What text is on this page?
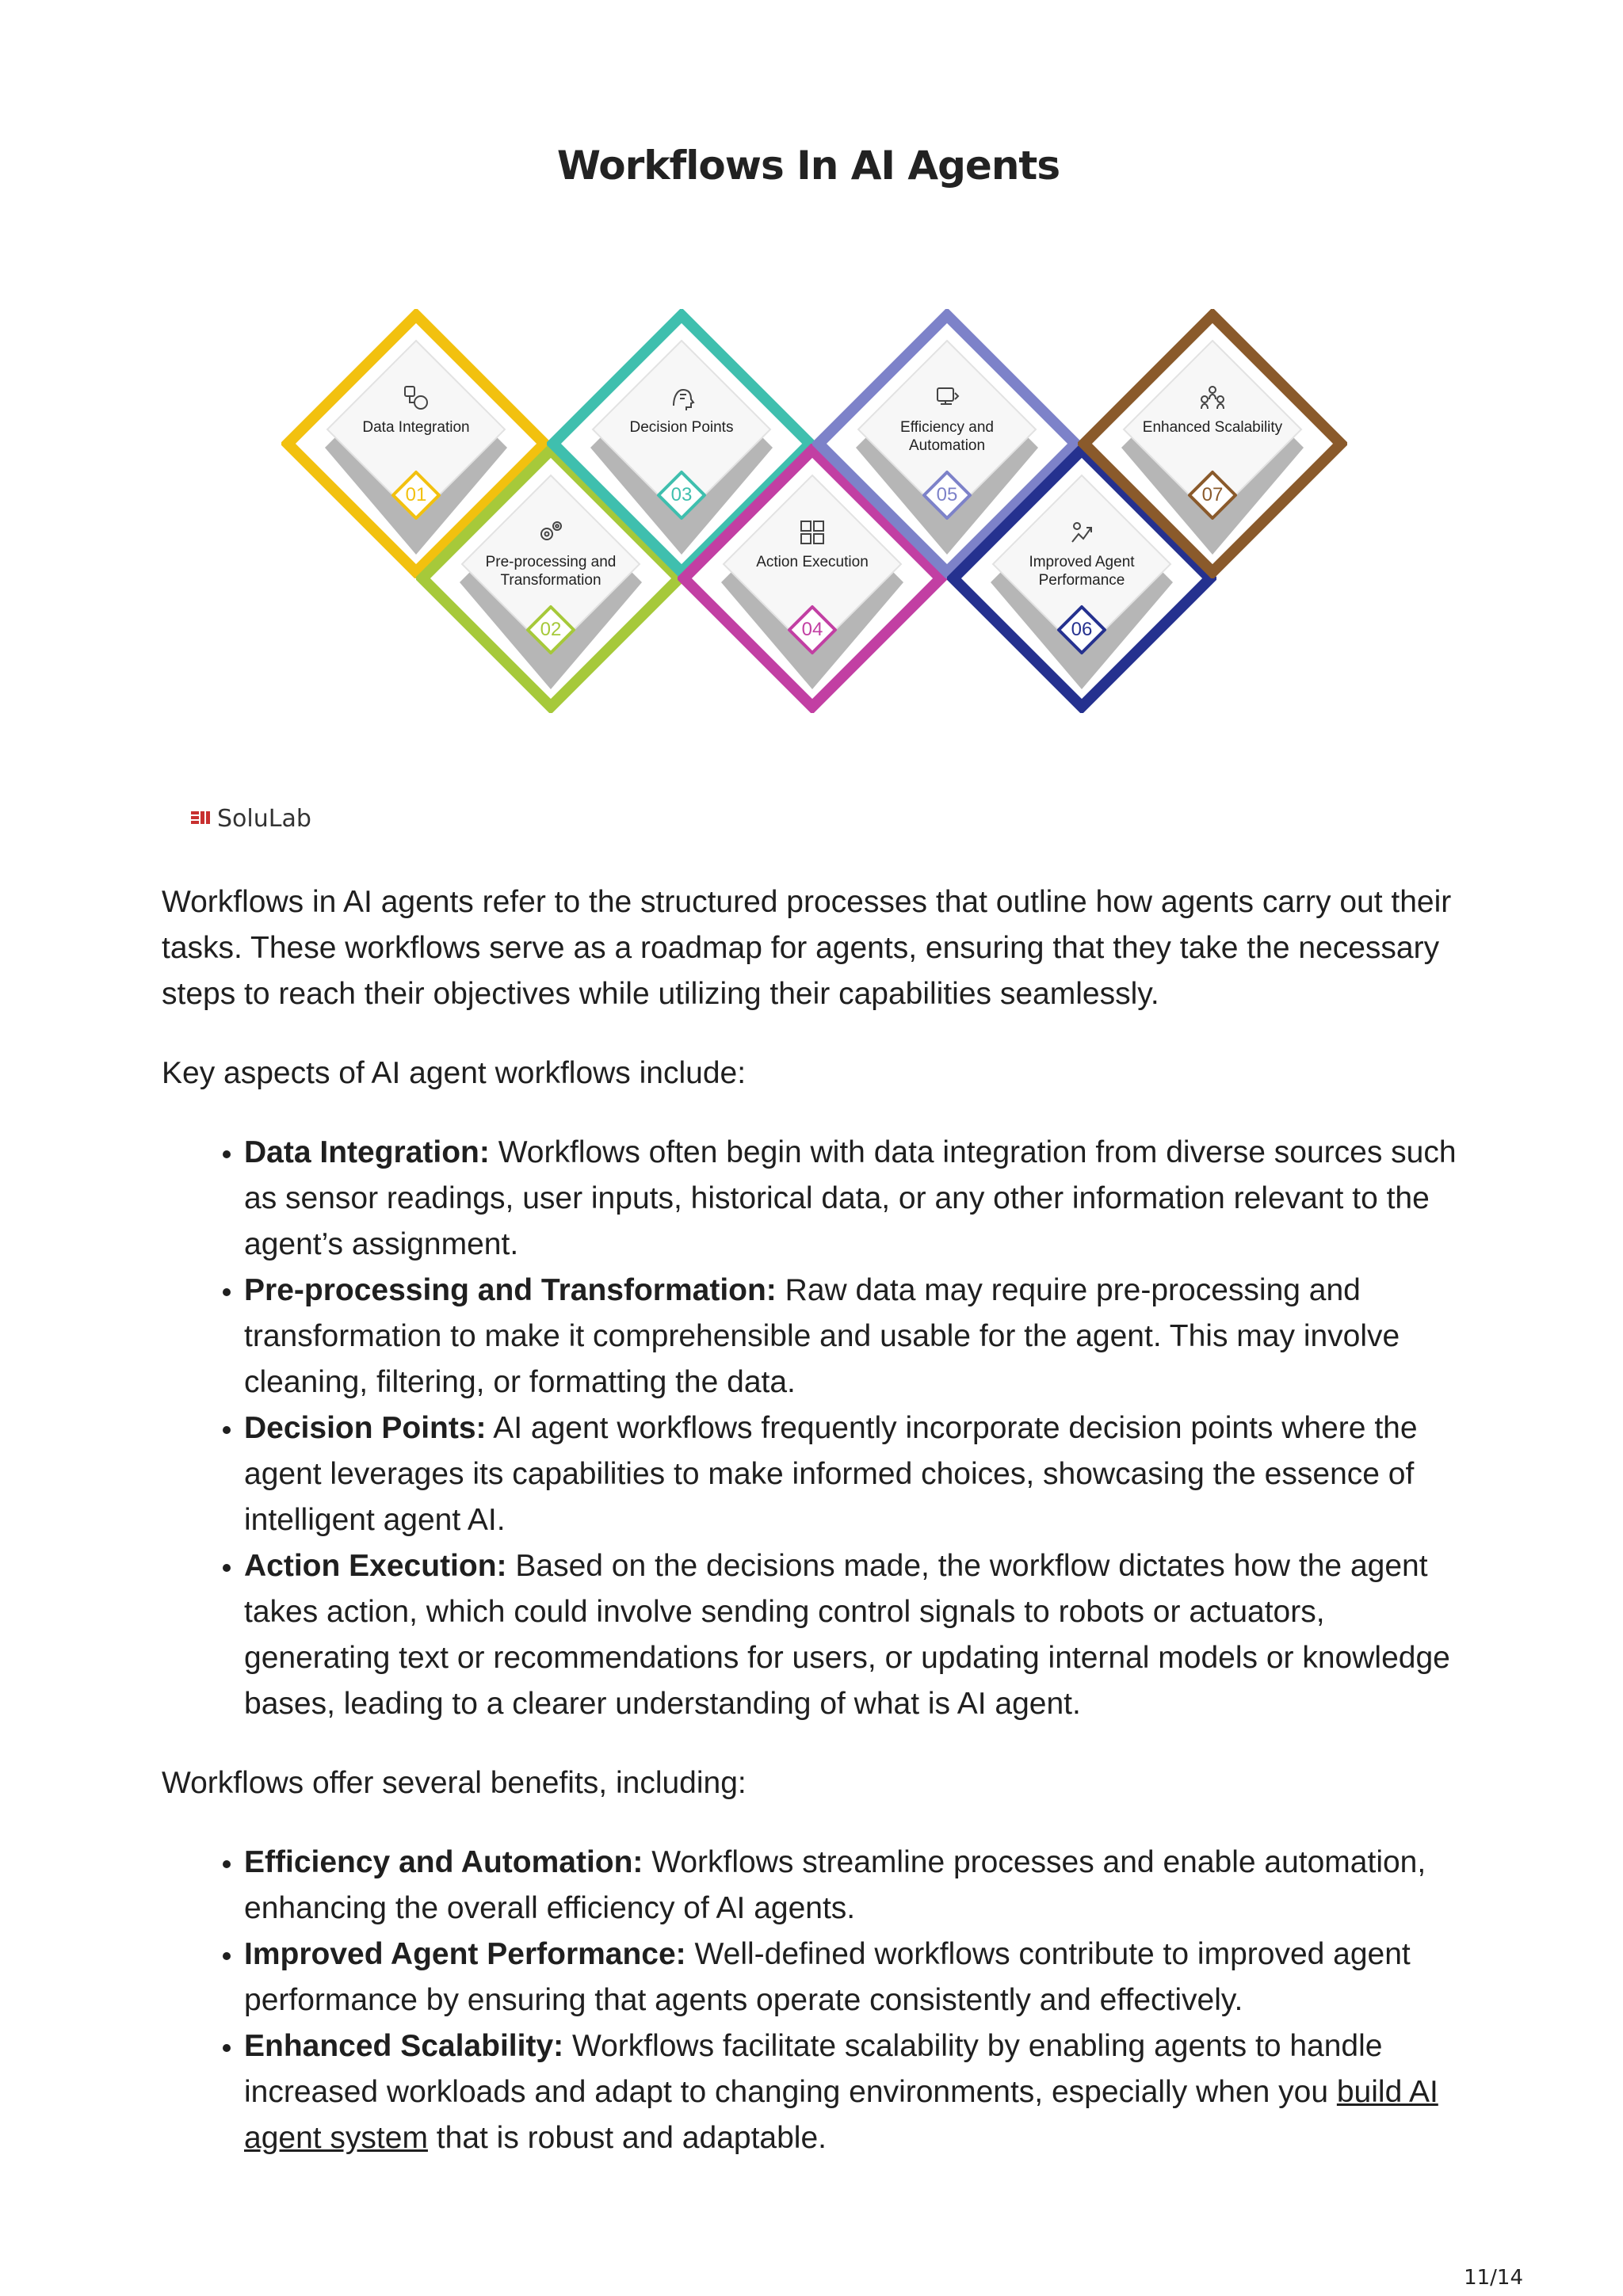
Workflows In AI Agents
Data Integration
01
Pre-processing and Transformation
02
Decision Points
03
Action Execution
04
Efficiency and Automation
05
Improved Agent Performance
06
Enhanced Scalability
07
SoluLab

Workflows in AI agents refer to the structured processes that outline how agents carry out their tasks. These workflows serve as a roadmap for agents, ensuring that they take the necessary steps to reach their objectives while utilizing their capabilities seamlessly.

Key aspects of AI agent workflows include:

• Data Integration: Workflows often begin with data integration from diverse sources such as sensor readings, user inputs, historical data, or any other information relevant to the agent’s assignment.
• Pre-processing and Transformation: Raw data may require pre-processing and transformation to make it comprehensible and usable for the agent. This may involve cleaning, filtering, or formatting the data.
• Decision Points: AI agent workflows frequently incorporate decision points where the agent leverages its capabilities to make informed choices, showcasing the essence of intelligent agent AI.
• Action Execution: Based on the decisions made, the workflow dictates how the agent takes action, which could involve sending control signals to robots or actuators, generating text or recommendations for users, or updating internal models or knowledge bases, leading to a clearer understanding of what is AI agent.

Workflows offer several benefits, including:

• Efficiency and Automation: Workflows streamline processes and enable automation, enhancing the overall efficiency of AI agents.
• Improved Agent Performance: Well-defined workflows contribute to improved agent performance by ensuring that agents operate consistently and effectively.
• Enhanced Scalability: Workflows facilitate scalability by enabling agents to handle increased workloads and adapt to changing environments, especially when you build AI agent system that is robust and adaptable.
11/14
